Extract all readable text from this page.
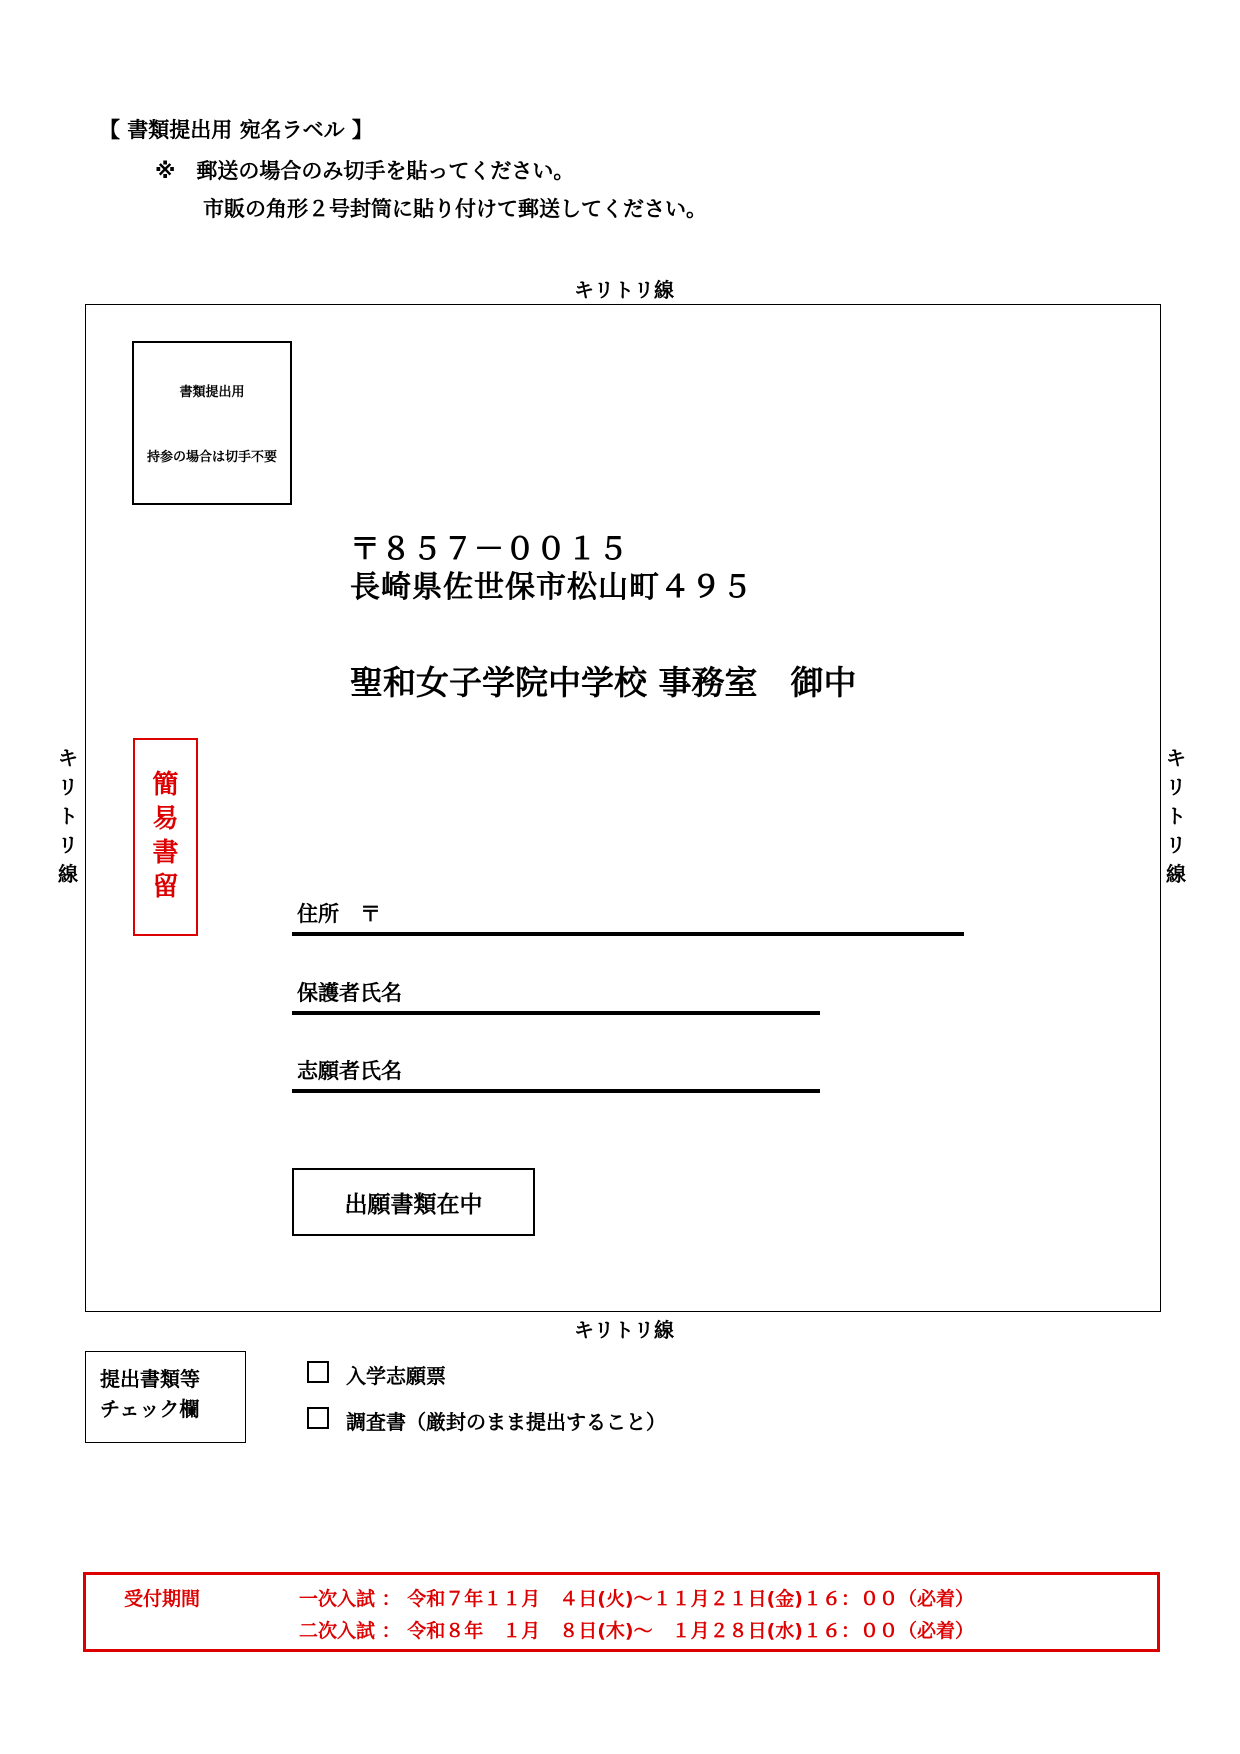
【 書類提出用 宛名ラベル 】
※　郵送の場合のみ切手を貼ってください。
市販の角形２号封筒に貼り付けて郵送してください。
キリトリ線
キリトリ線
キ
リ
ト
リ
線
キ
リ
ト
リ
線
書類提出用
持参の場合は切手不要
〒８５７－００１５
長崎県佐世保市松山町４９５
聖和女子学院中学校 事務室　御中
簡
易
書
留
住所　〒
保護者氏名
志願者氏名
出願書類在中
提出書類等
チェック欄
入学志願票
調査書（厳封のまま提出すること）
受付期間	一次入試 ： 令和７年１１月　４日(火)～１１月２１日(金)１６：００（必着）
二次入試 ： 令和８年　１月　８日(木)～　１月２８日(水)１６：００（必着）
